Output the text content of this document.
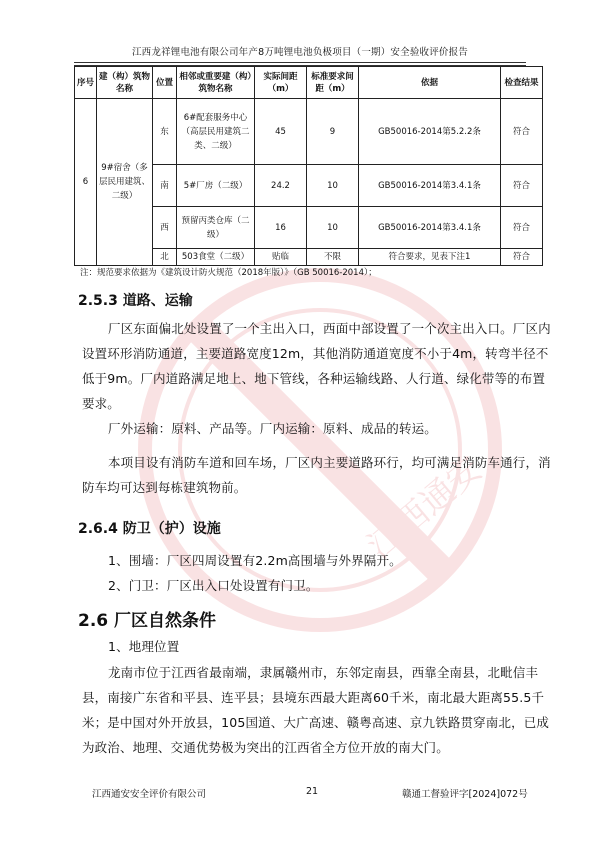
江西龙祥锂电池有限公司年产8万吨锂电池负极项目（一期）安全验收评价报告
江西通安
序号	建（构）筑物名称	位置	相邻或重要建（构）筑物名称	实际间距（m）	标准要求间距（m）	依据	检查结果
6	9#宿舍（多层民用建筑、二级）	东	6#配套服务中心（高层民用建筑二类、二级）	45	9	GB50016-2014第5.2.2条	符合
		南	5#厂房（二级）	24.2	10	GB50016-2014第3.4.1条	符合
		西	预留丙类仓库（二级）	16	10	GB50016-2014第3.4.1条	符合
		北	503食堂（二级）	贴临	不限	符合要求，见表下注1	符合
注：规范要求依据为《建筑设计防火规范（2018年版）》（GB 50016-2014）；
2.5.3 道路、运输
厂区东面偏北处设置了一个主出入口，西面中部设置了一个次主出入口。厂区内设置环形消防通道，主要道路宽度12m，其他消防通道宽度不小于4m，转弯半径不低于9m。厂内道路满足地上、地下管线，各种运输线路、人行道、绿化带等的布置要求。
厂外运输：原料、产品等。厂内运输：原料、成品的转运。
本项目设有消防车道和回车场，厂区内主要道路环行，均可满足消防车通行，消防车均可达到每栋建筑物前。
2.6.4 防卫（护）设施
1、围墙：厂区四周设置有2.2m高围墙与外界隔开。
2、门卫：厂区出入口处设置有门卫。
2.6 厂区自然条件
1、地理位置
龙南市位于江西省最南端，隶属赣州市，东邻定南县，西靠全南县，北毗信丰县，南接广东省和平县、连平县；县境东西最大距离60千米，南北最大距离55.5千米；是中国对外开放县，105国道、大广高速、赣粤高速、京九铁路贯穿南北，已成为政治、地理、交通优势极为突出的江西省全方位开放的南大门。
江西通安安全评价有限公司	21	赣通工督验评字[2024]072号
